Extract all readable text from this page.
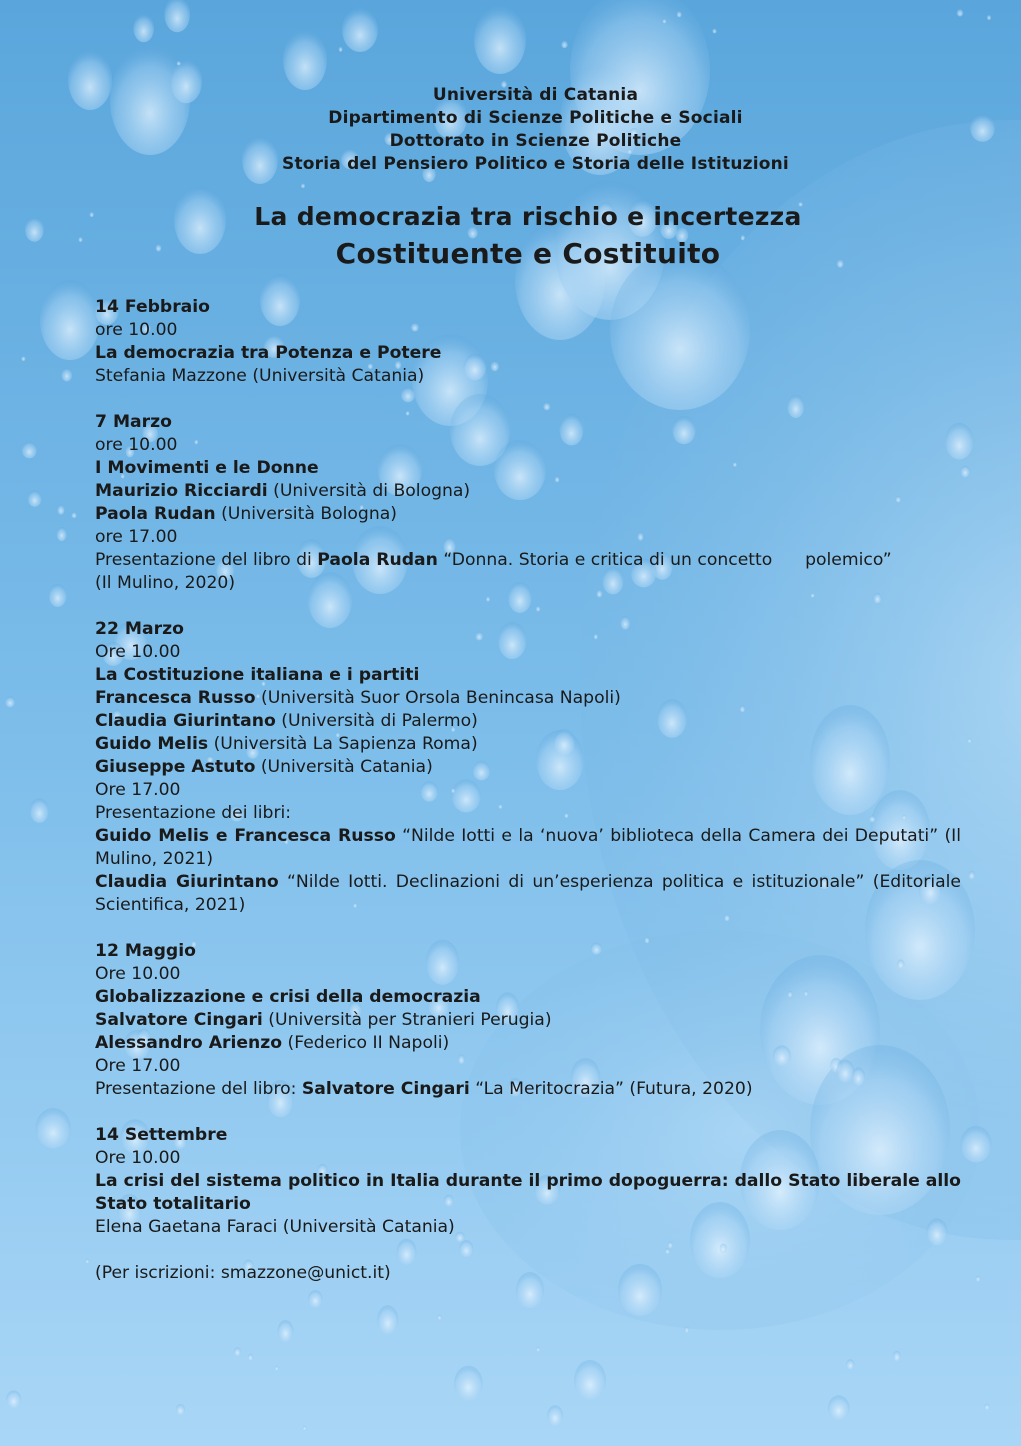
Università di Catania
Dipartimento di Scienze Politiche e Sociali
Dottorato in Scienze Politiche
Storia del Pensiero Politico e Storia delle Istituzioni
La democrazia tra rischio e incertezza
Costituente e Costituito
14 Febbraio
ore 10.00
La democrazia tra Potenza e Potere
Stefania Mazzone (Università Catania)
7 Marzo
ore 10.00
I Movimenti e le Donne
Maurizio Ricciardi (Università di Bologna)
Paola Rudan (Università Bologna)
ore 17.00
Presentazione del libro di Paola Rudan “Donna. Storia e critica di un concetto      polemico”
(Il Mulino, 2020)
22 Marzo
Ore 10.00
La Costituzione italiana e i partiti
Francesca Russo (Università Suor Orsola Benincasa Napoli)
Claudia Giurintano (Università di Palermo)
Guido Melis (Università La Sapienza Roma)
Giuseppe Astuto (Università Catania)
Ore 17.00
Presentazione dei libri:
Guido Melis e Francesca Russo “Nilde Iotti e la ‘nuova’ biblioteca della Camera dei Deputati” (Il Mulino, 2021)
Claudia Giurintano “Nilde Iotti. Declinazioni di un’esperienza politica e istituzionale” (Editoriale Scientifica, 2021)
12 Maggio
Ore 10.00
Globalizzazione e crisi della democrazia
Salvatore Cingari (Università per Stranieri Perugia)
Alessandro Arienzo (Federico II Napoli)
Ore 17.00
Presentazione del libro: Salvatore Cingari “La Meritocrazia” (Futura, 2020)
14 Settembre
Ore 10.00
La crisi del sistema politico in Italia durante il primo dopoguerra: dallo Stato liberale allo Stato totalitario
Elena Gaetana Faraci (Università Catania)
(Per iscrizioni: smazzone@unict.it)
